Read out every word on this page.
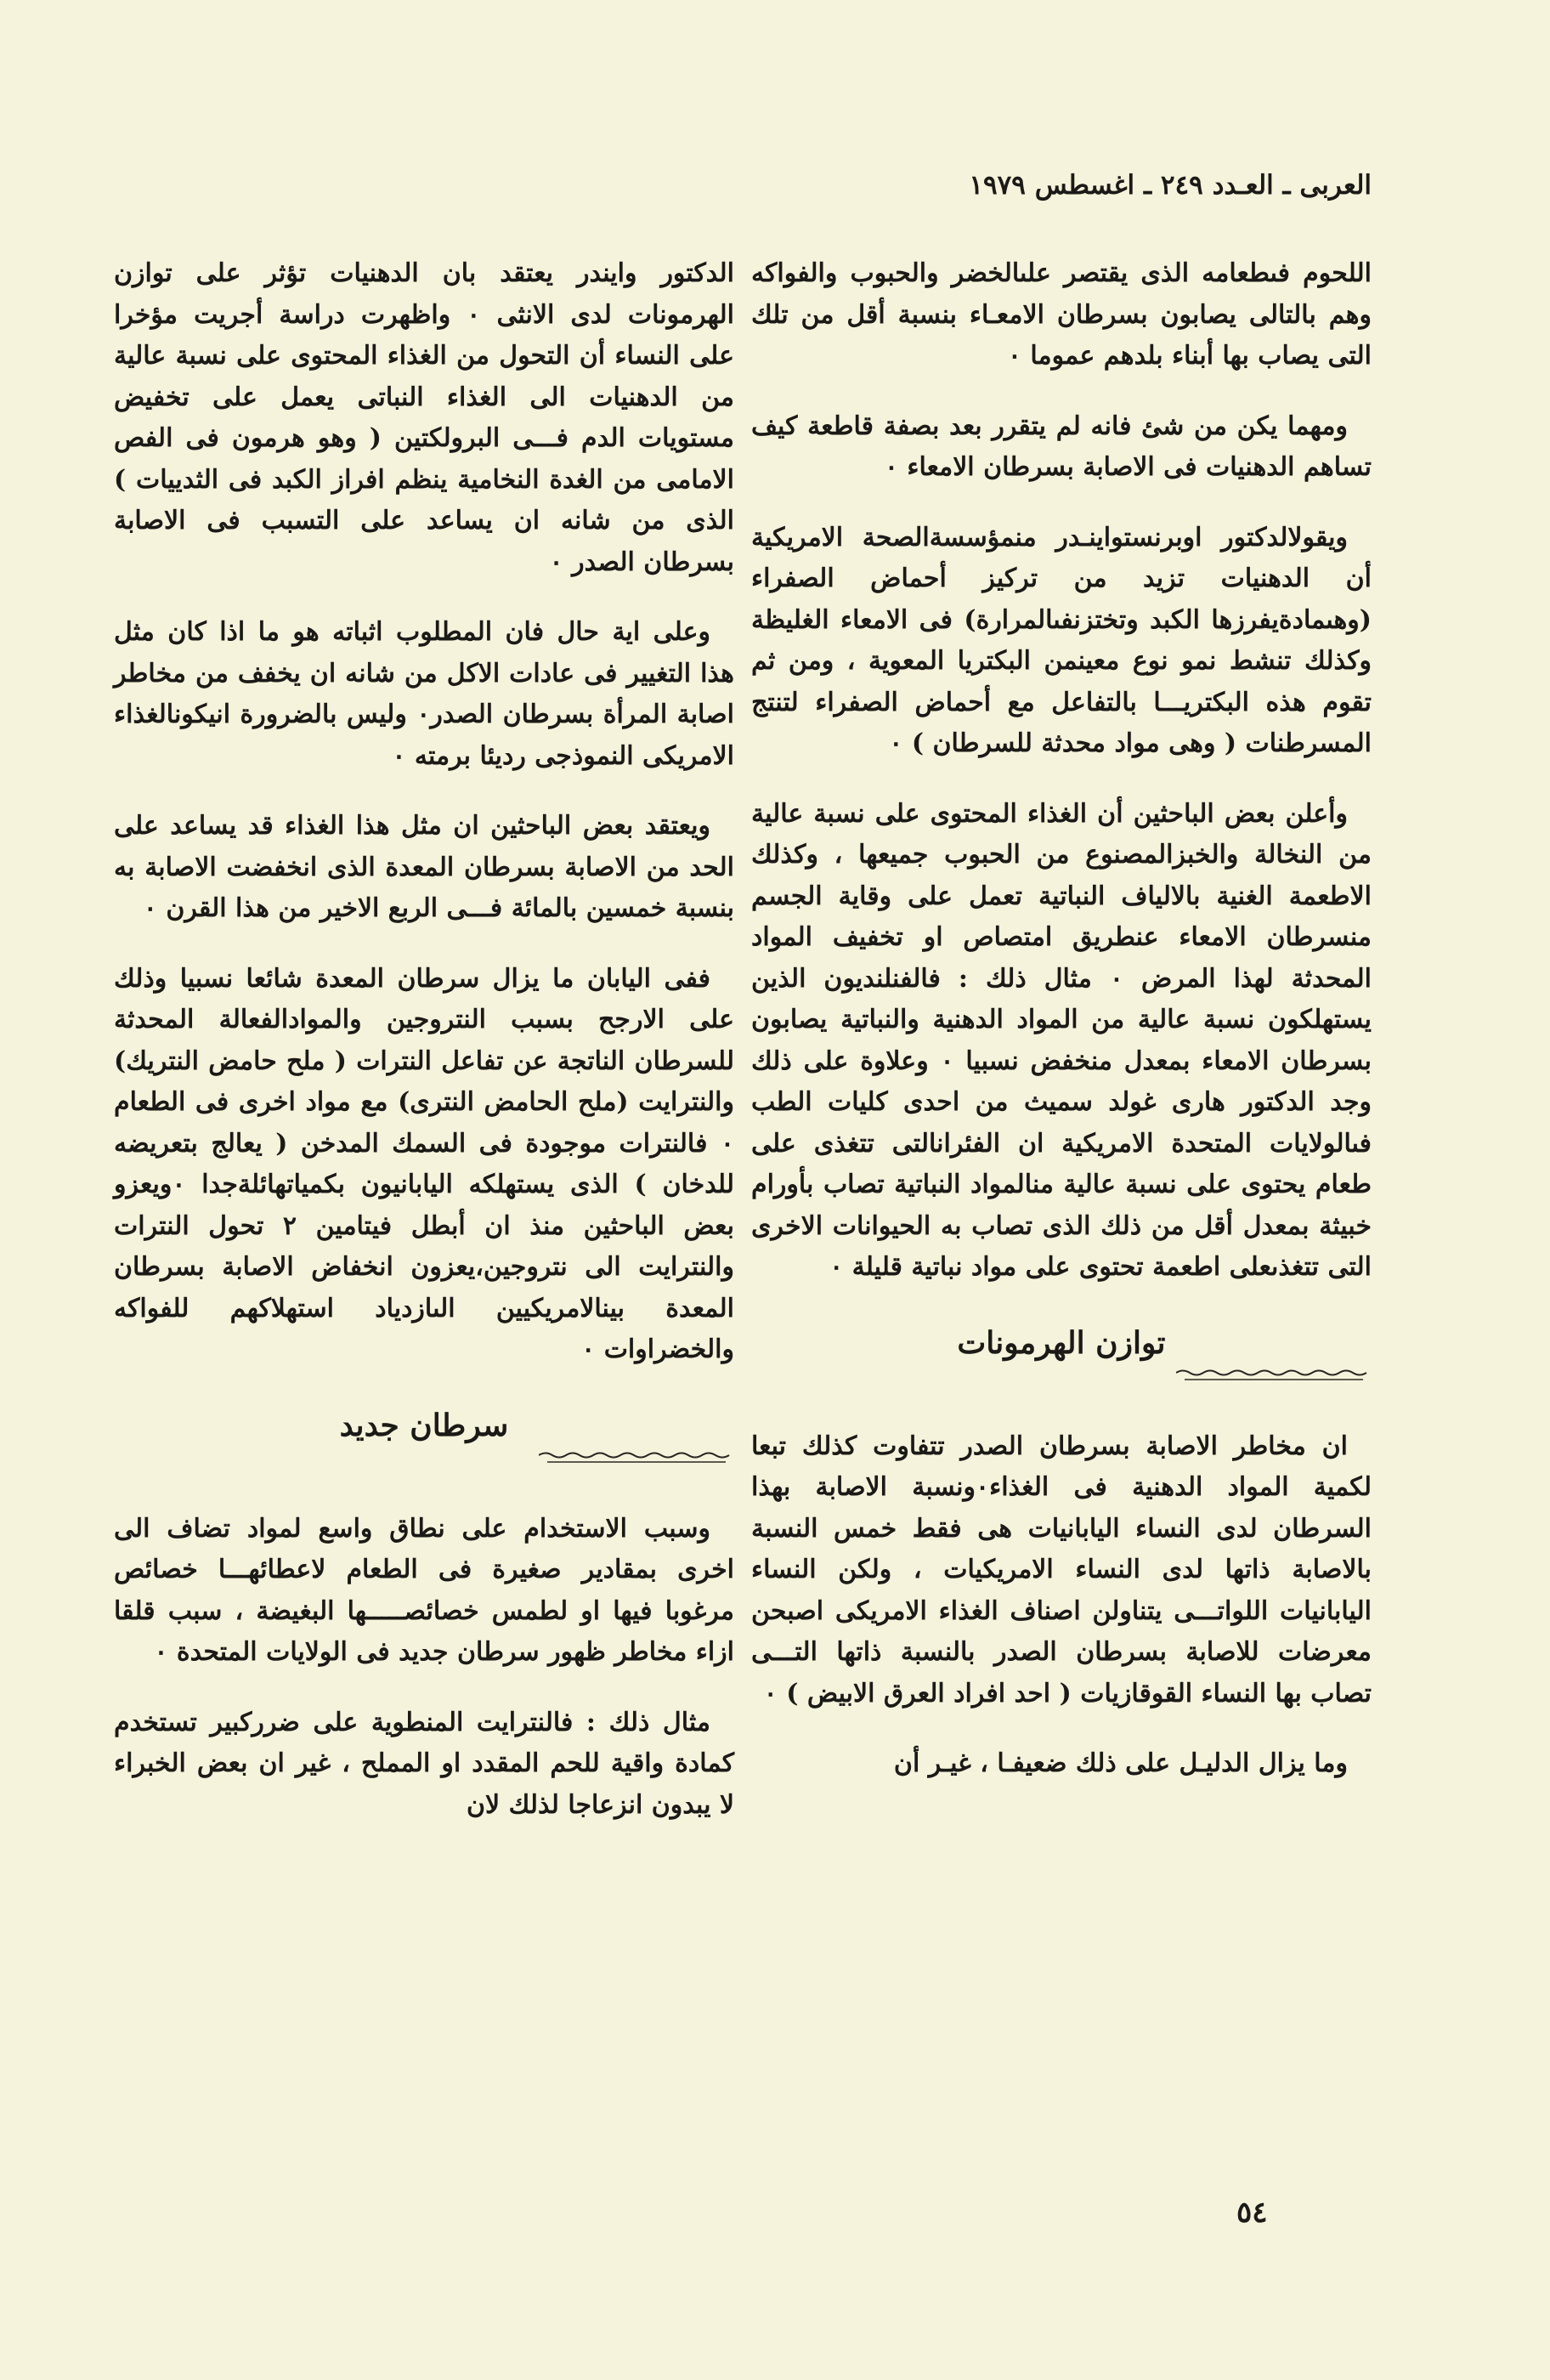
العربى ـ العـدد ٢٤٩ ـ اغسطس ١٩٧٩

اللحوم فىطعامه الذى يقتصر علىالخضر والحبوب والفواكه وهم بالتالى يصابون بسرطان الامعـاء بنسبة أقل من تلك التى يصاب بها أبناء بلدهم عموما ٠

ومهما يكن من شئ فانه لم يتقرر بعد بصفة قاطعة كيف تساهم الدهنيات فى الاصابة بسرطان الامعاء ٠

ويقولالدكتور اوبرنستواينـدر منمؤسسةالصحة الامريكية أن الدهنيات تزيد من تركيز أحماض الصفراء (وهىمادةيفرزها الكبد وتختزنفىالمرارة) فى الامعاء الغليظة وكذلك تنشط نمو نوع معينمن البكتريا المعوية ، ومن ثم تقوم هذه البكتريـــا بالتفاعل مع أحماض الصفراء لتنتج المسرطنات ( وهى مواد محدثة للسرطان ) ٠

وأعلن بعض الباحثين أن الغذاء المحتوى على نسبة عالية من النخالة والخبزالمصنوع من الحبوب جميعها ، وكذلك الاطعمة الغنية بالالياف النباتية تعمل على وقاية الجسم منسرطان الامعاء عنطريق امتصاص او تخفيف المواد المحدثة لهذا المرض ٠ مثال ذلك : فالفنلنديون الذين يستهلكون نسبة عالية من المواد الدهنية والنباتية يصابون بسرطان الامعاء بمعدل منخفض نسبيا ٠ وعلاوة على ذلك وجد الدكتور هارى غولد سميث من احدى كليات الطب فىالولايات المتحدة الامريكية ان الفئرانالتى تتغذى على طعام يحتوى على نسبة عالية منالمواد النباتية تصاب بأورام خبيثة بمعدل أقل من ذلك الذى تصاب به الحيوانات الاخرى التى تتغذىعلى اطعمة تحتوى على مواد نباتية قليلة ٠

توازن الهرمونات

ان مخاطر الاصابة بسرطان الصدر تتفاوت كذلك تبعا لكمية المواد الدهنية فى الغذاء٠ونسبة الاصابة بهذا السرطان لدى النساء اليابانيات هى فقط خمس النسبة بالاصابة ذاتها لدى النساء الامريكيات ، ولكن النساء اليابانيات اللواتـــى يتناولن اصناف الغذاء الامريكى اصبحن معرضات للاصابة بسرطان الصدر بالنسبة ذاتها التـــى تصاب بها النساء القوقازيات ( احد افراد العرق الابيض ) ٠

وما يزال الدليـل على ذلك ضعيفـا ، غيـر أن

الدكتور وايندر يعتقد بان الدهنيات تؤثر على توازن الهرمونات لدى الانثى ٠ واظهرت دراسة أجريت مؤخرا على النساء أن التحول من الغذاء المحتوى على نسبة عالية من الدهنيات الى الغذاء النباتى يعمل على تخفيض مستويات الدم فـــى البرولكتين ( وهو هرمون فى الفص الامامى من الغدة النخامية ينظم افراز الكبد فى الثدييات ) الذى من شانه ان يساعد على التسبب فى الاصابة بسرطان الصدر ٠

وعلى اية حال فان المطلوب اثباته هو ما اذا كان مثل هذا التغيير فى عادات الاكل من شانه ان يخفف من مخاطر اصابة المرأة بسرطان الصدر٠ وليس بالضرورة انيكونالغذاء الامريكى النموذجى رديئا برمته ٠

ويعتقد بعض الباحثين ان مثل هذا الغذاء قد يساعد على الحد من الاصابة بسرطان المعدة الذى انخفضت الاصابة به بنسبة خمسين بالمائة فـــى الربع الاخير من هذا القرن ٠

ففى اليابان ما يزال سرطان المعدة شائعا نسبيا وذلك على الارجح بسبب النتروجين والموادالفعالة المحدثة للسرطان الناتجة عن تفاعل النترات ( ملح حامض النتريك) والنترايت (ملح الحامض النترى) مع مواد اخرى فى الطعام ٠ فالنترات موجودة فى السمك المدخن ( يعالج بتعريضه للدخان ) الذى يستهلكه اليابانيون بكمياتهائلةجدا ٠ويعزو بعض الباحثين منذ ان أبطل فيتامين ٢ تحول النترات والنترايت الى نتروجين،يعزون انخفاض الاصابة بسرطان المعدة بينالامريكيين الىازدياد استهلاكهم للفواكه والخضراوات ٠

سرطان جديد

وسبب الاستخدام على نطاق واسع لمواد تضاف الى اخرى بمقادير صغيرة فى الطعام لاعطائهـــا خصائص مرغوبا فيها او لطمس خصائصـــــها البغيضة ، سبب قلقا ازاء مخاطر ظهور سرطان جديد فى الولايات المتحدة ٠

مثال ذلك : فالنترايت المنطوية على ضرركبير تستخدم كمادة واقية للحم المقدد او المملح ، غير ان بعض الخبراء لا يبدون انزعاجا لذلك لان

٥٤
